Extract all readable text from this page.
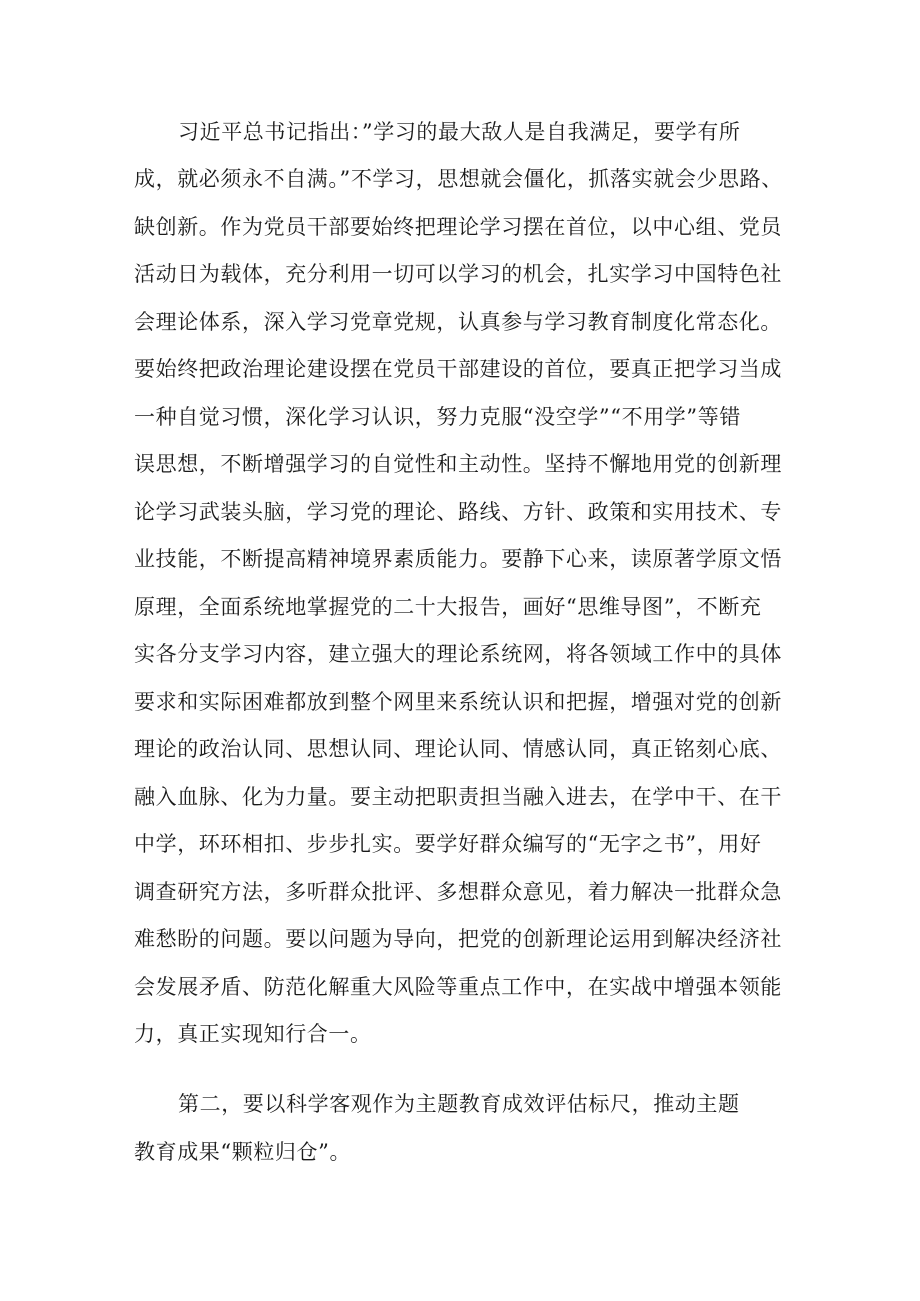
习近平总书记指出：”学习的最大敌人是自我满足，要学有所
成，就必须永不自满。”不学习，思想就会僵化，抓落实就会少思路、
缺创新。作为党员干部要始终把理论学习摆在首位，以中心组、党员
活动日为载体，充分利用一切可以学习的机会，扎实学习中国特色社
会理论体系，深入学习党章党规，认真参与学习教育制度化常态化。
要始终把政治理论建设摆在党员干部建设的首位，要真正把学习当成
一种自觉习惯，深化学习认识，努力克服“没空学”“不用学”等错
误思想，不断增强学习的自觉性和主动性。坚持不懈地用党的创新理
论学习武装头脑，学习党的理论、路线、方针、政策和实用技术、专
业技能，不断提高精神境界素质能力。要静下心来，读原著学原文悟
原理，全面系统地掌握党的二十大报告，画好“思维导图”，不断充
实各分支学习内容，建立强大的理论系统网，将各领域工作中的具体
要求和实际困难都放到整个网里来系统认识和把握，增强对党的创新
理论的政治认同、思想认同、理论认同、情感认同，真正铭刻心底、
融入血脉、化为力量。要主动把职责担当融入进去，在学中干、在干
中学，环环相扣、步步扎实。要学好群众编写的“无字之书”，用好
调查研究方法，多听群众批评、多想群众意见，着力解决一批群众急
难愁盼的问题。要以问题为导向，把党的创新理论运用到解决经济社
会发展矛盾、防范化解重大风险等重点工作中，在实战中增强本领能
力，真正实现知行合一。
第二，要以科学客观作为主题教育成效评估标尺，推动主题
教育成果“颗粒归仓”。
